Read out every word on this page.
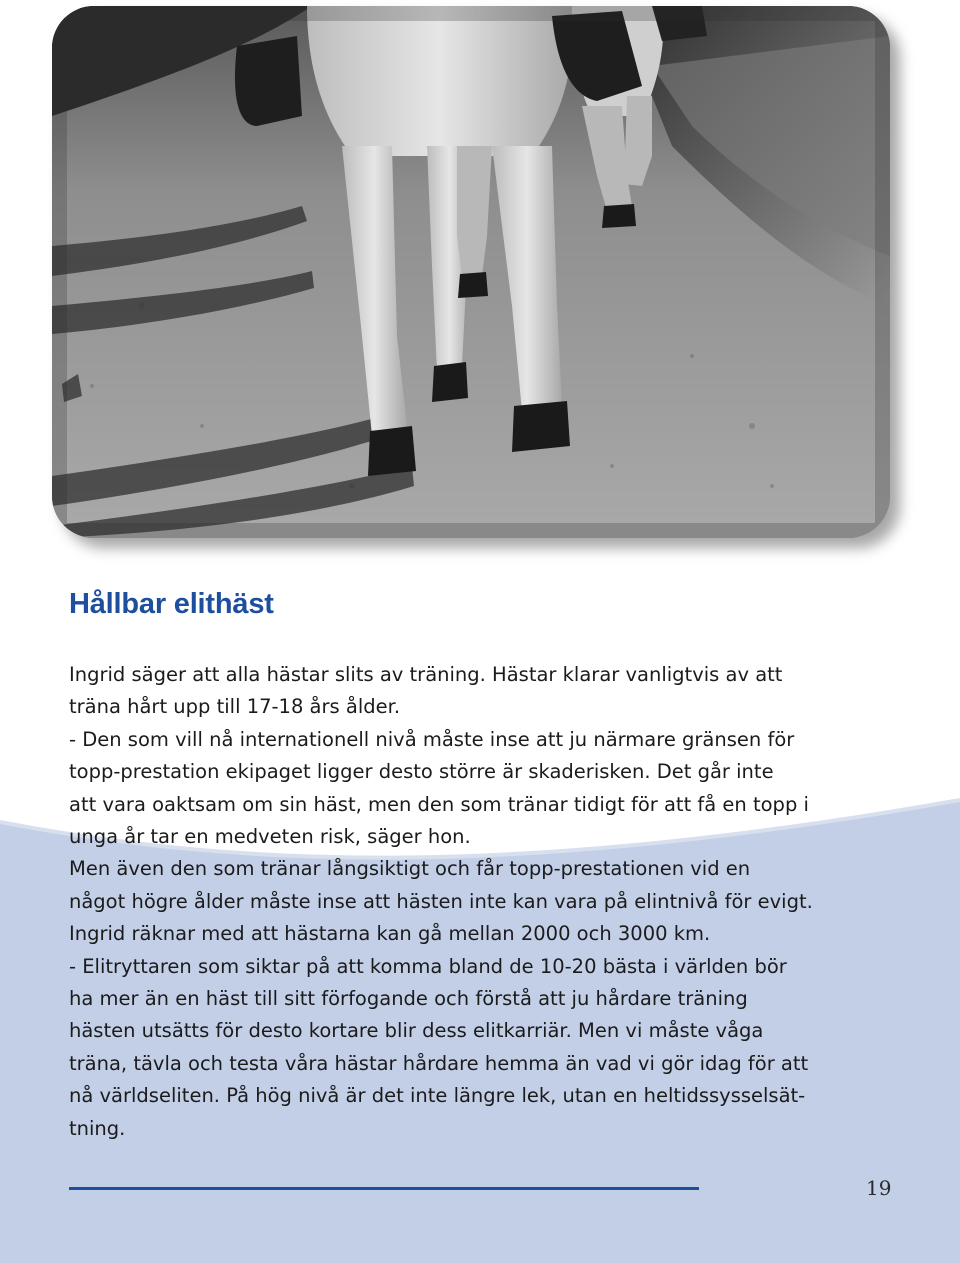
Hållbar elithäst
Ingrid säger att alla hästar slits av träning. Hästar klarar vanligtvis av att
träna hårt upp till 17-18 års ålder.
- Den som vill nå internationell nivå måste inse att ju närmare gränsen för
topp-prestation ekipaget ligger desto större är skaderisken. Det går inte
att vara oaktsam om sin häst, men den som tränar tidigt för att få en topp i
unga år tar en medveten risk, säger hon.
Men även den som tränar långsiktigt och får topp-prestationen vid en
något högre ålder måste inse att hästen inte kan vara på elintnivå för evigt.
Ingrid räknar med att hästarna kan gå mellan 2000 och 3000 km.
- Elitryttaren som siktar på att komma bland de 10-20 bästa i världen bör
ha mer än en häst till sitt förfogande och förstå att ju hårdare träning
hästen utsätts för desto kortare blir dess elitkarriär. Men vi måste våga
träna, tävla och testa våra hästar hårdare hemma än vad vi gör idag för att
nå världseliten. På hög nivå är det inte längre lek, utan en heltidssysselsät-
tning.
19
